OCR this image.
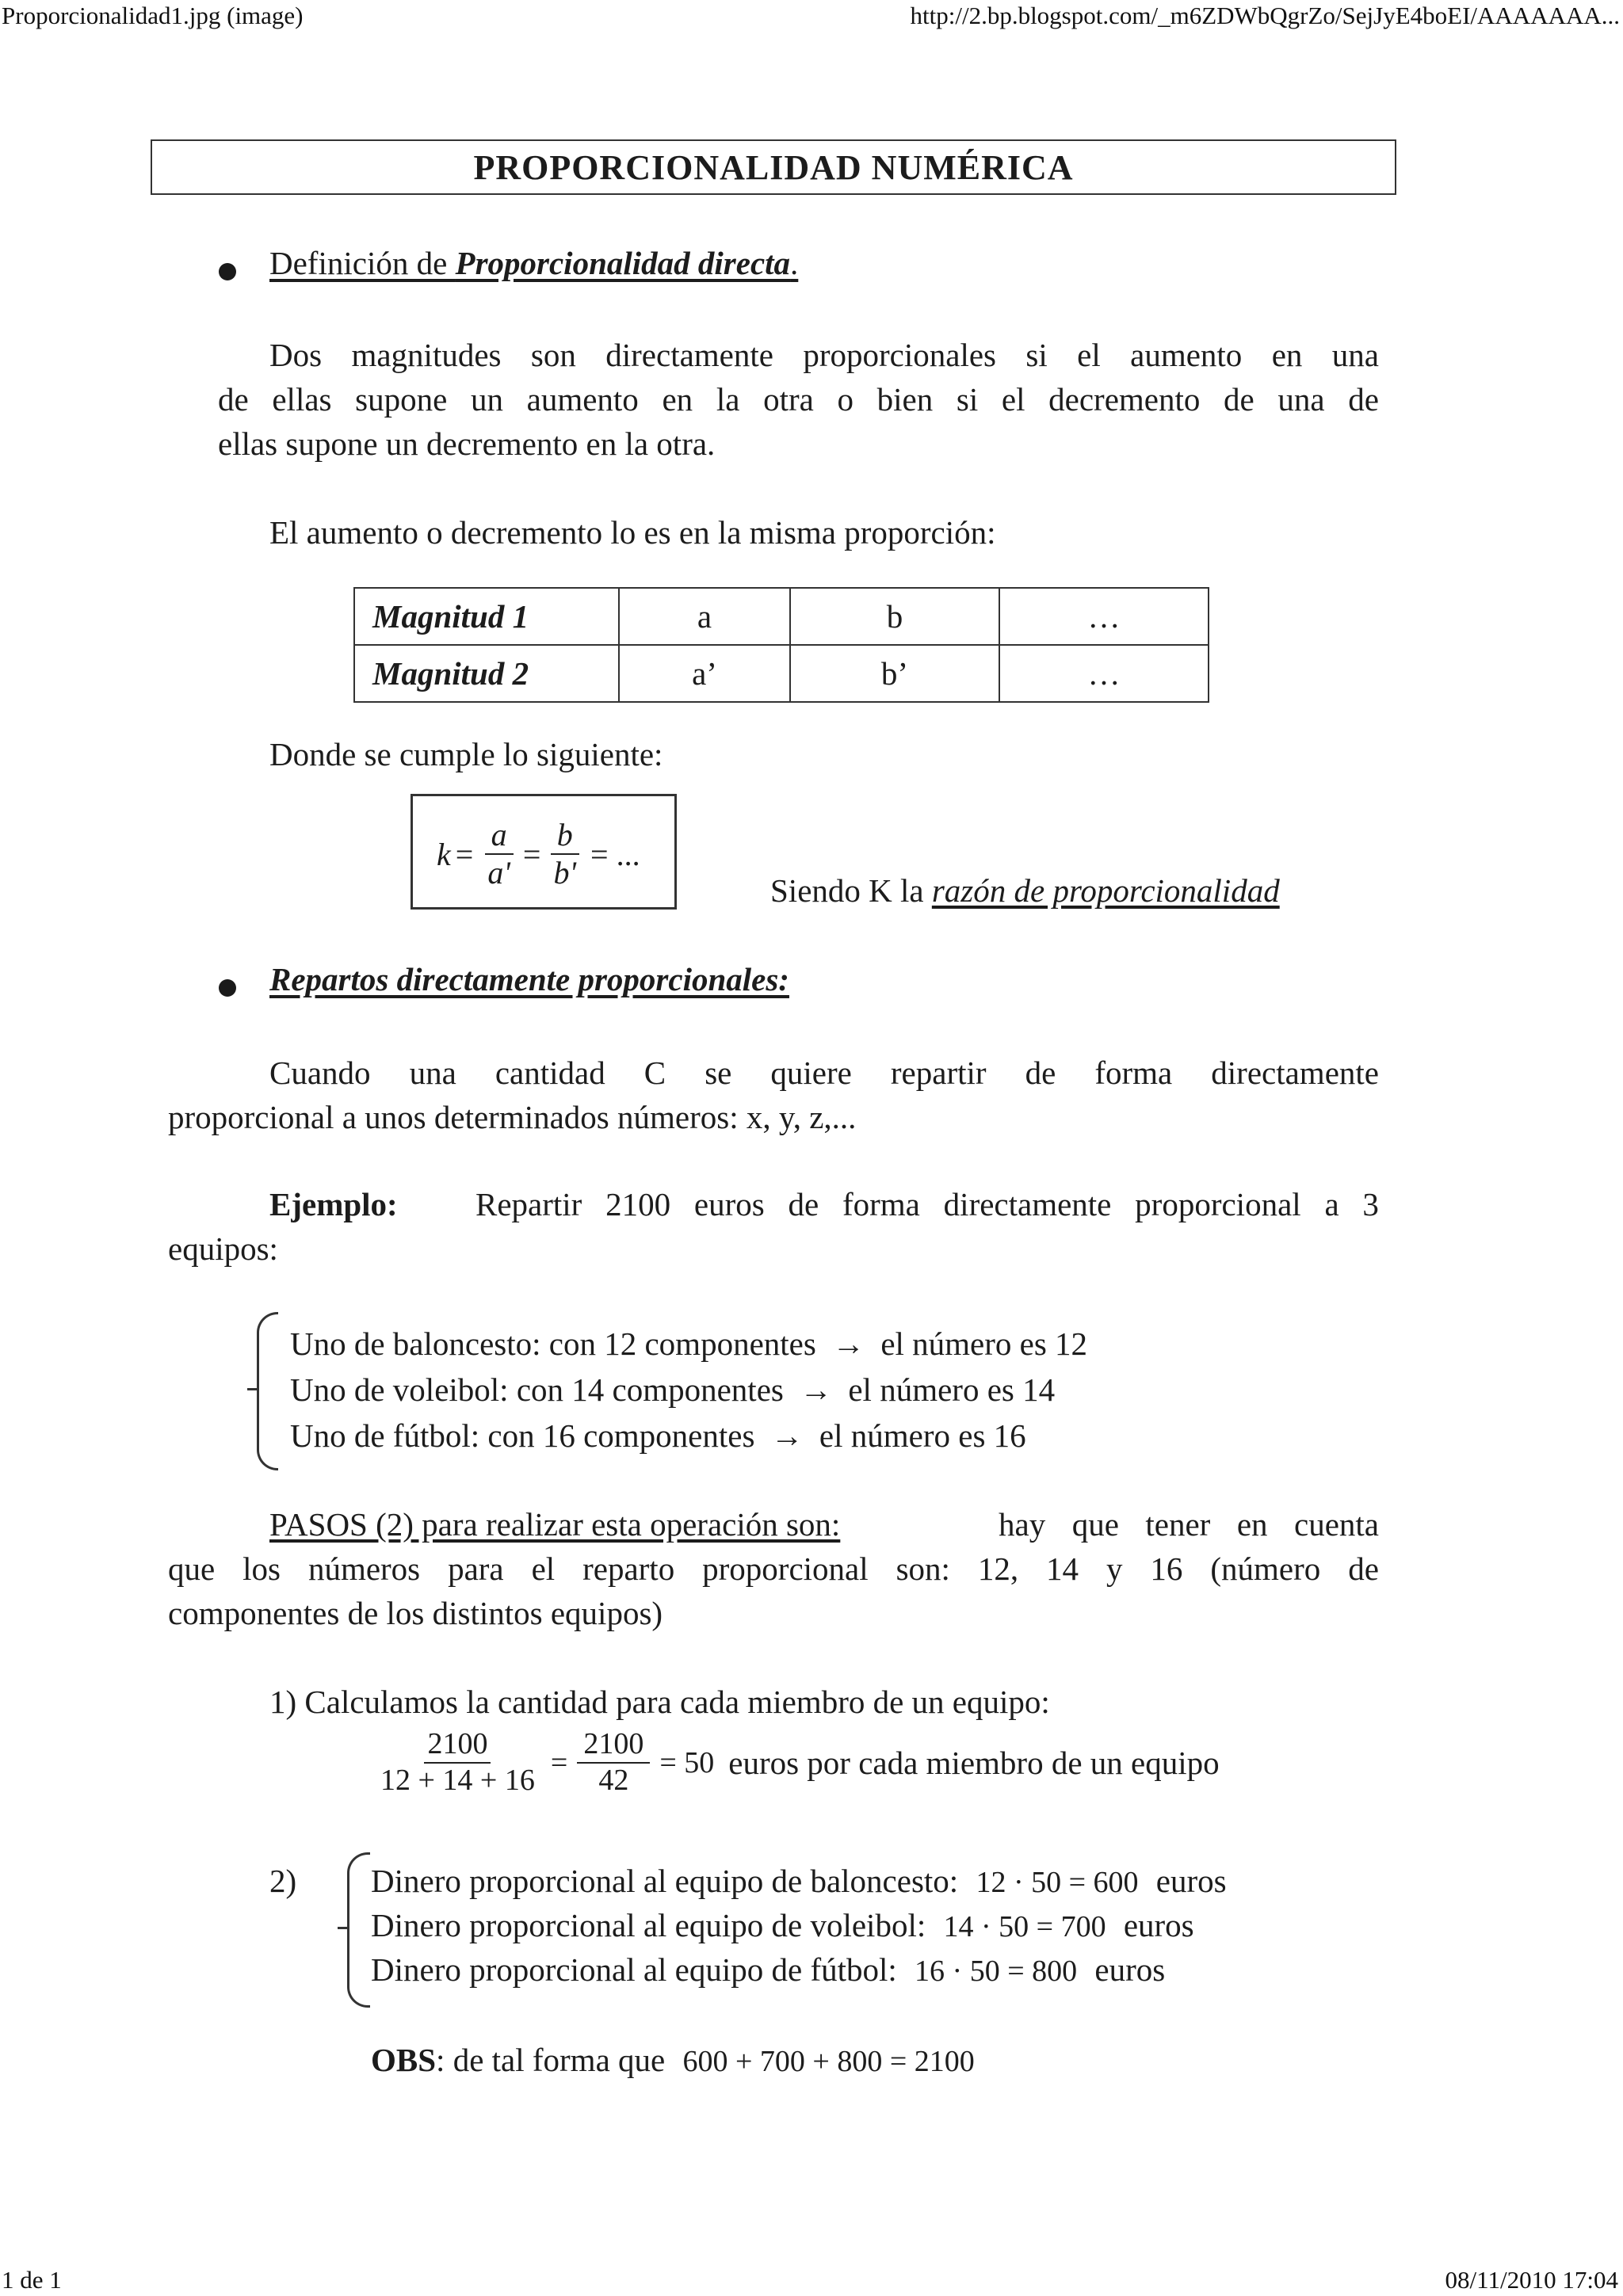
Proporcionalidad1.jpg (image)	http://2.bp.blogspot.com/_m6ZDWbQgrZo/SejJyE4boEI/AAAAAAA...
PROPORCIONALIDAD NUMÉRICA
Definición de Proporcionalidad directa.
Dos magnitudes son directamente proporcionales si el aumento en una
de ellas supone un aumento en la otra o bien si el decremento de una de
ellas supone un decremento en la otra.
El aumento o decremento lo es en la misma proporción:
Magnitud 1	a	b	…
Magnitud 2	a’	b’	…
Donde se cumple lo siguiente:
$k = \frac{a}{a'} = \frac{b}{b'}$ = ...
Siendo K la razón de proporcionalidad
Repartos directamente proporcionales:
Cuando una cantidad C se quiere repartir de forma directamente
proporcional a unos determinados números: x, y, z,...
Ejemplo: Repartir 2100 euros de forma directamente proporcional a 3
equipos:
Uno de baloncesto: con 12 componentes → el número es 12
Uno de voleibol: con 14 componentes → el número es 14
Uno de fútbol: con 16 componentes → el número es 16
PASOS (2) para realizar esta operación son:	hay que tener en cuenta
que los números para el reparto proporcional son: 12, 14 y 16 (número de
componentes de los distintos equipos)
1) Calculamos la cantidad para cada miembro de un equipo:
$\frac{2100}{12 + 14 + 16} = \frac{2100}{42} = 50$ euros por cada miembro de un equipo
2) Dinero proporcional al equipo de baloncesto: 12 · 50 = 600 euros
Dinero proporcional al equipo de voleibol: 14 · 50 = 700 euros
Dinero proporcional al equipo de fútbol: 16 · 50 = 800 euros
OBS: de tal forma que 600 + 700 + 800 = 2100
1 de 1	08/11/2010 17:04
